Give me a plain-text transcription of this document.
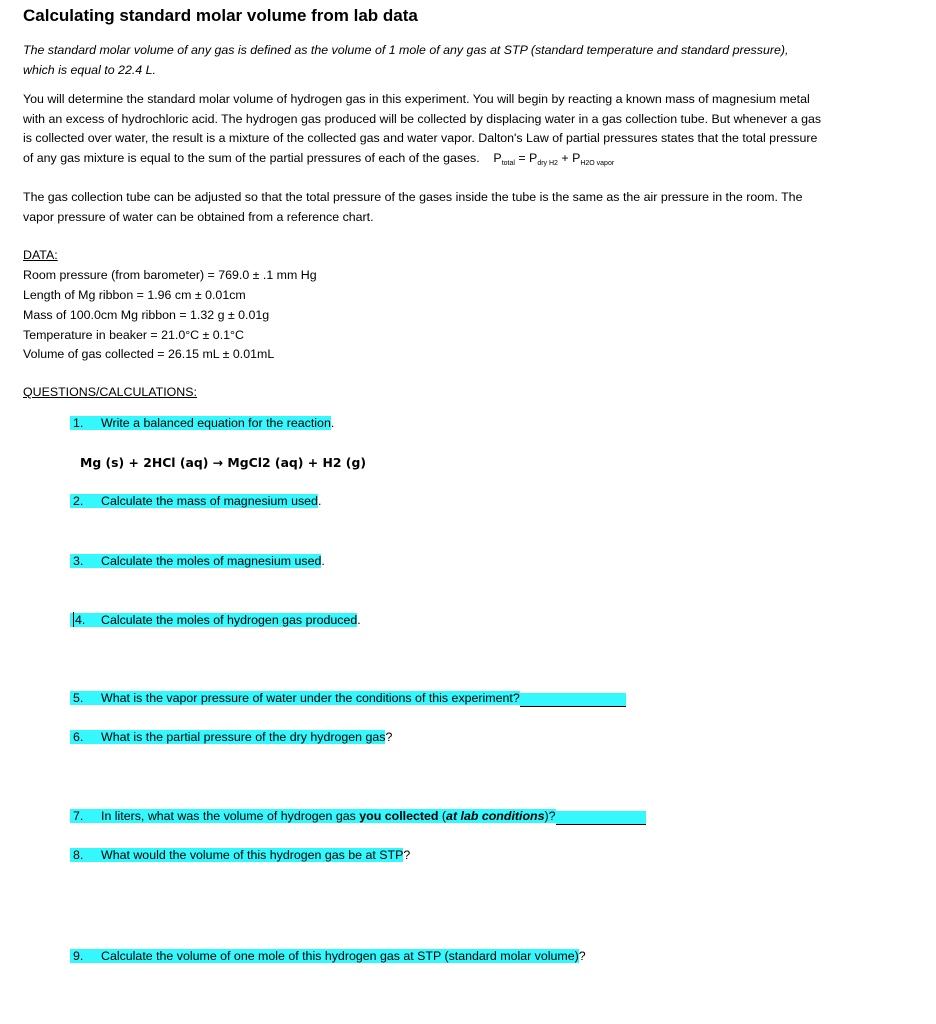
Calculating standard molar volume from lab data
The standard molar volume of any gas is defined as the volume of 1 mole of any gas at STP (standard temperature and standard pressure), which is equal to 22.4 L.
You will determine the standard molar volume of hydrogen gas in this experiment. You will begin by reacting a known mass of magnesium metal with an excess of hydrochloric acid. The hydrogen gas produced will be collected by displacing water in a gas collection tube. But whenever a gas is collected over water, the result is a mixture of the collected gas and water vapor. Dalton's Law of partial pressures states that the total pressure of any gas mixture is equal to the sum of the partial pressures of each of the gases. $P_{total} = P_{dry H2} + P_{H2O vapor}$
The gas collection tube can be adjusted so that the total pressure of the gases inside the tube is the same as the air pressure in the room. The vapor pressure of water can be obtained from a reference chart.
DATA:
Room pressure (from barometer) = 769.0 ± .1 mm Hg
Length of Mg ribbon = 1.96 cm ± 0.01cm
Mass of 100.0cm Mg ribbon = 1.32 g ± 0.01g
Temperature in beaker = 21.0°C ± 0.1°C
Volume of gas collected = 26.15 mL ± 0.01mL
QUESTIONS/CALCULATIONS:
1. Write a balanced equation for the reaction.
Mg (s) + 2HCl (aq) → MgCl2 (aq) + H2 (g)
2. Calculate the mass of magnesium used.
3. Calculate the moles of magnesium used.
4. Calculate the moles of hydrogen gas produced.
5. What is the vapor pressure of water under the conditions of this experiment?
6. What is the partial pressure of the dry hydrogen gas?
7. In liters, what was the volume of hydrogen gas you collected (at lab conditions)?
8. What would the volume of this hydrogen gas be at STP?
9. Calculate the volume of one mole of this hydrogen gas at STP (standard molar volume)?
